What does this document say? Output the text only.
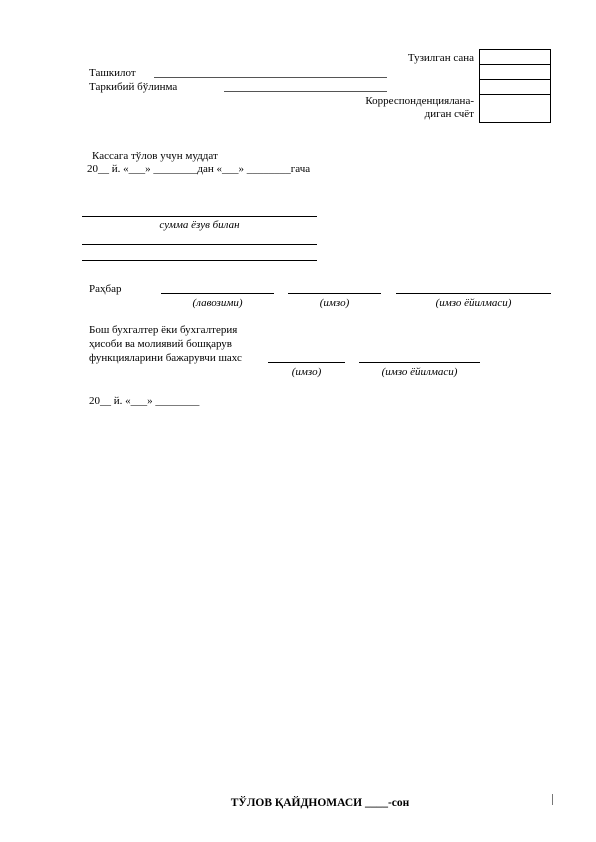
Тузилган сана

Ташкилот
Таркибий бўлинма
Корреспонденциялана-
диган счёт
Кассага тўлов учун муддат
20__ й. «___» ________дан «___» ________гача
сумма ёзув билан
Раҳбар
(лавозими)	(имзо)	(имзо ёйилмаси)
Бош бухгалтер ёки бухгалтерия
ҳисоби ва молиявий бошқарув
функцияларини бажарувчи шахс
(имзо)	(имзо ёйилмаси)
20__ й. «___» ________
ТЎЛОВ ҚАЙДНОМАСИ ____-сон
